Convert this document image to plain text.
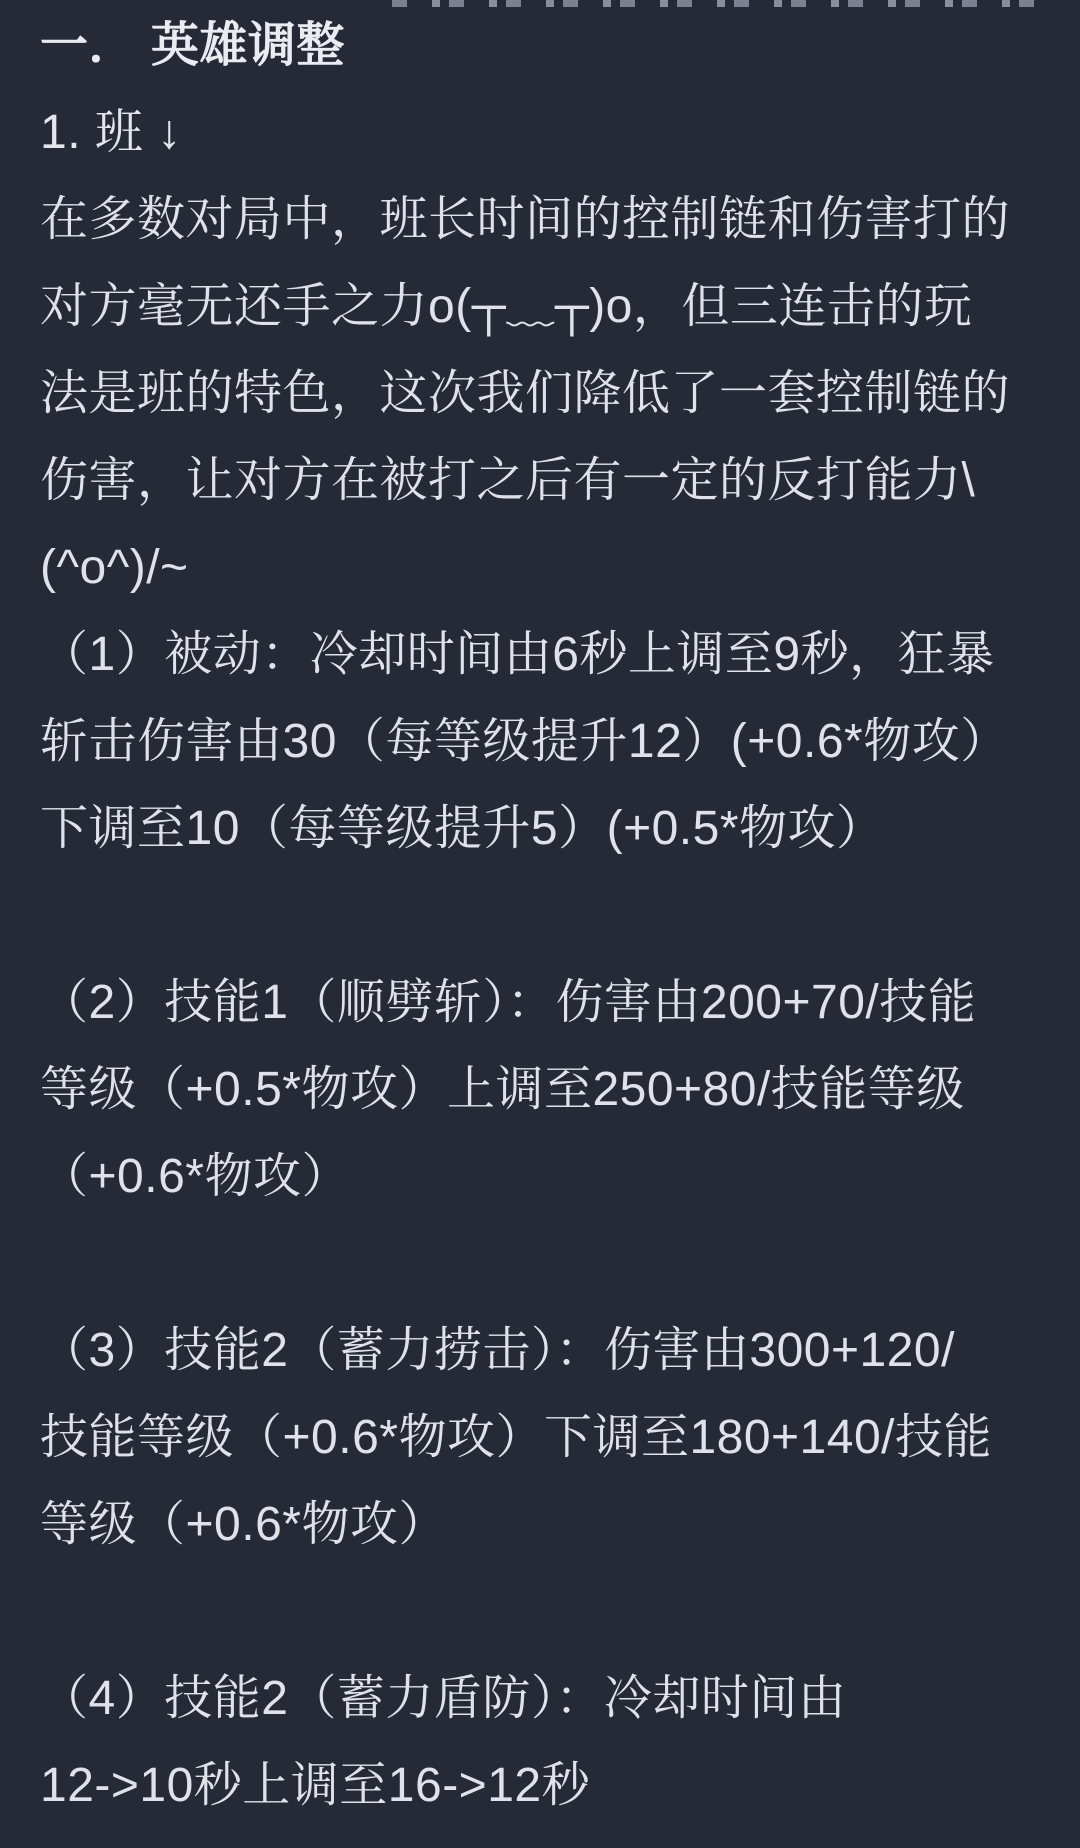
一． 英雄调整

1. 班 ↓

在多数对局中，班长时间的控制链和伤害打的

对方毫无还手之力o(┬﹏┬)o，但三连击的玩

法是班的特色，这次我们降低了一套控制链的

伤害，让对方在被打之后有一定的反打能力\

(^o^)/~

（1）被动：冷却时间由6秒上调至9秒，狂暴

斩击伤害由30（每等级提升12）(+0.6*物攻）

下调至10（每等级提升5）(+0.5*物攻）

（2）技能1（顺劈斩）：伤害由200+70/技能

等级（+0.5*物攻）上调至250+80/技能等级

（+0.6*物攻）

（3）技能2（蓄力捞击）：伤害由300+120/

技能等级（+0.6*物攻）下调至180+140/技能

等级（+0.6*物攻）

（4）技能2（蓄力盾防）：冷却时间由

12->10秒上调至16->12秒
